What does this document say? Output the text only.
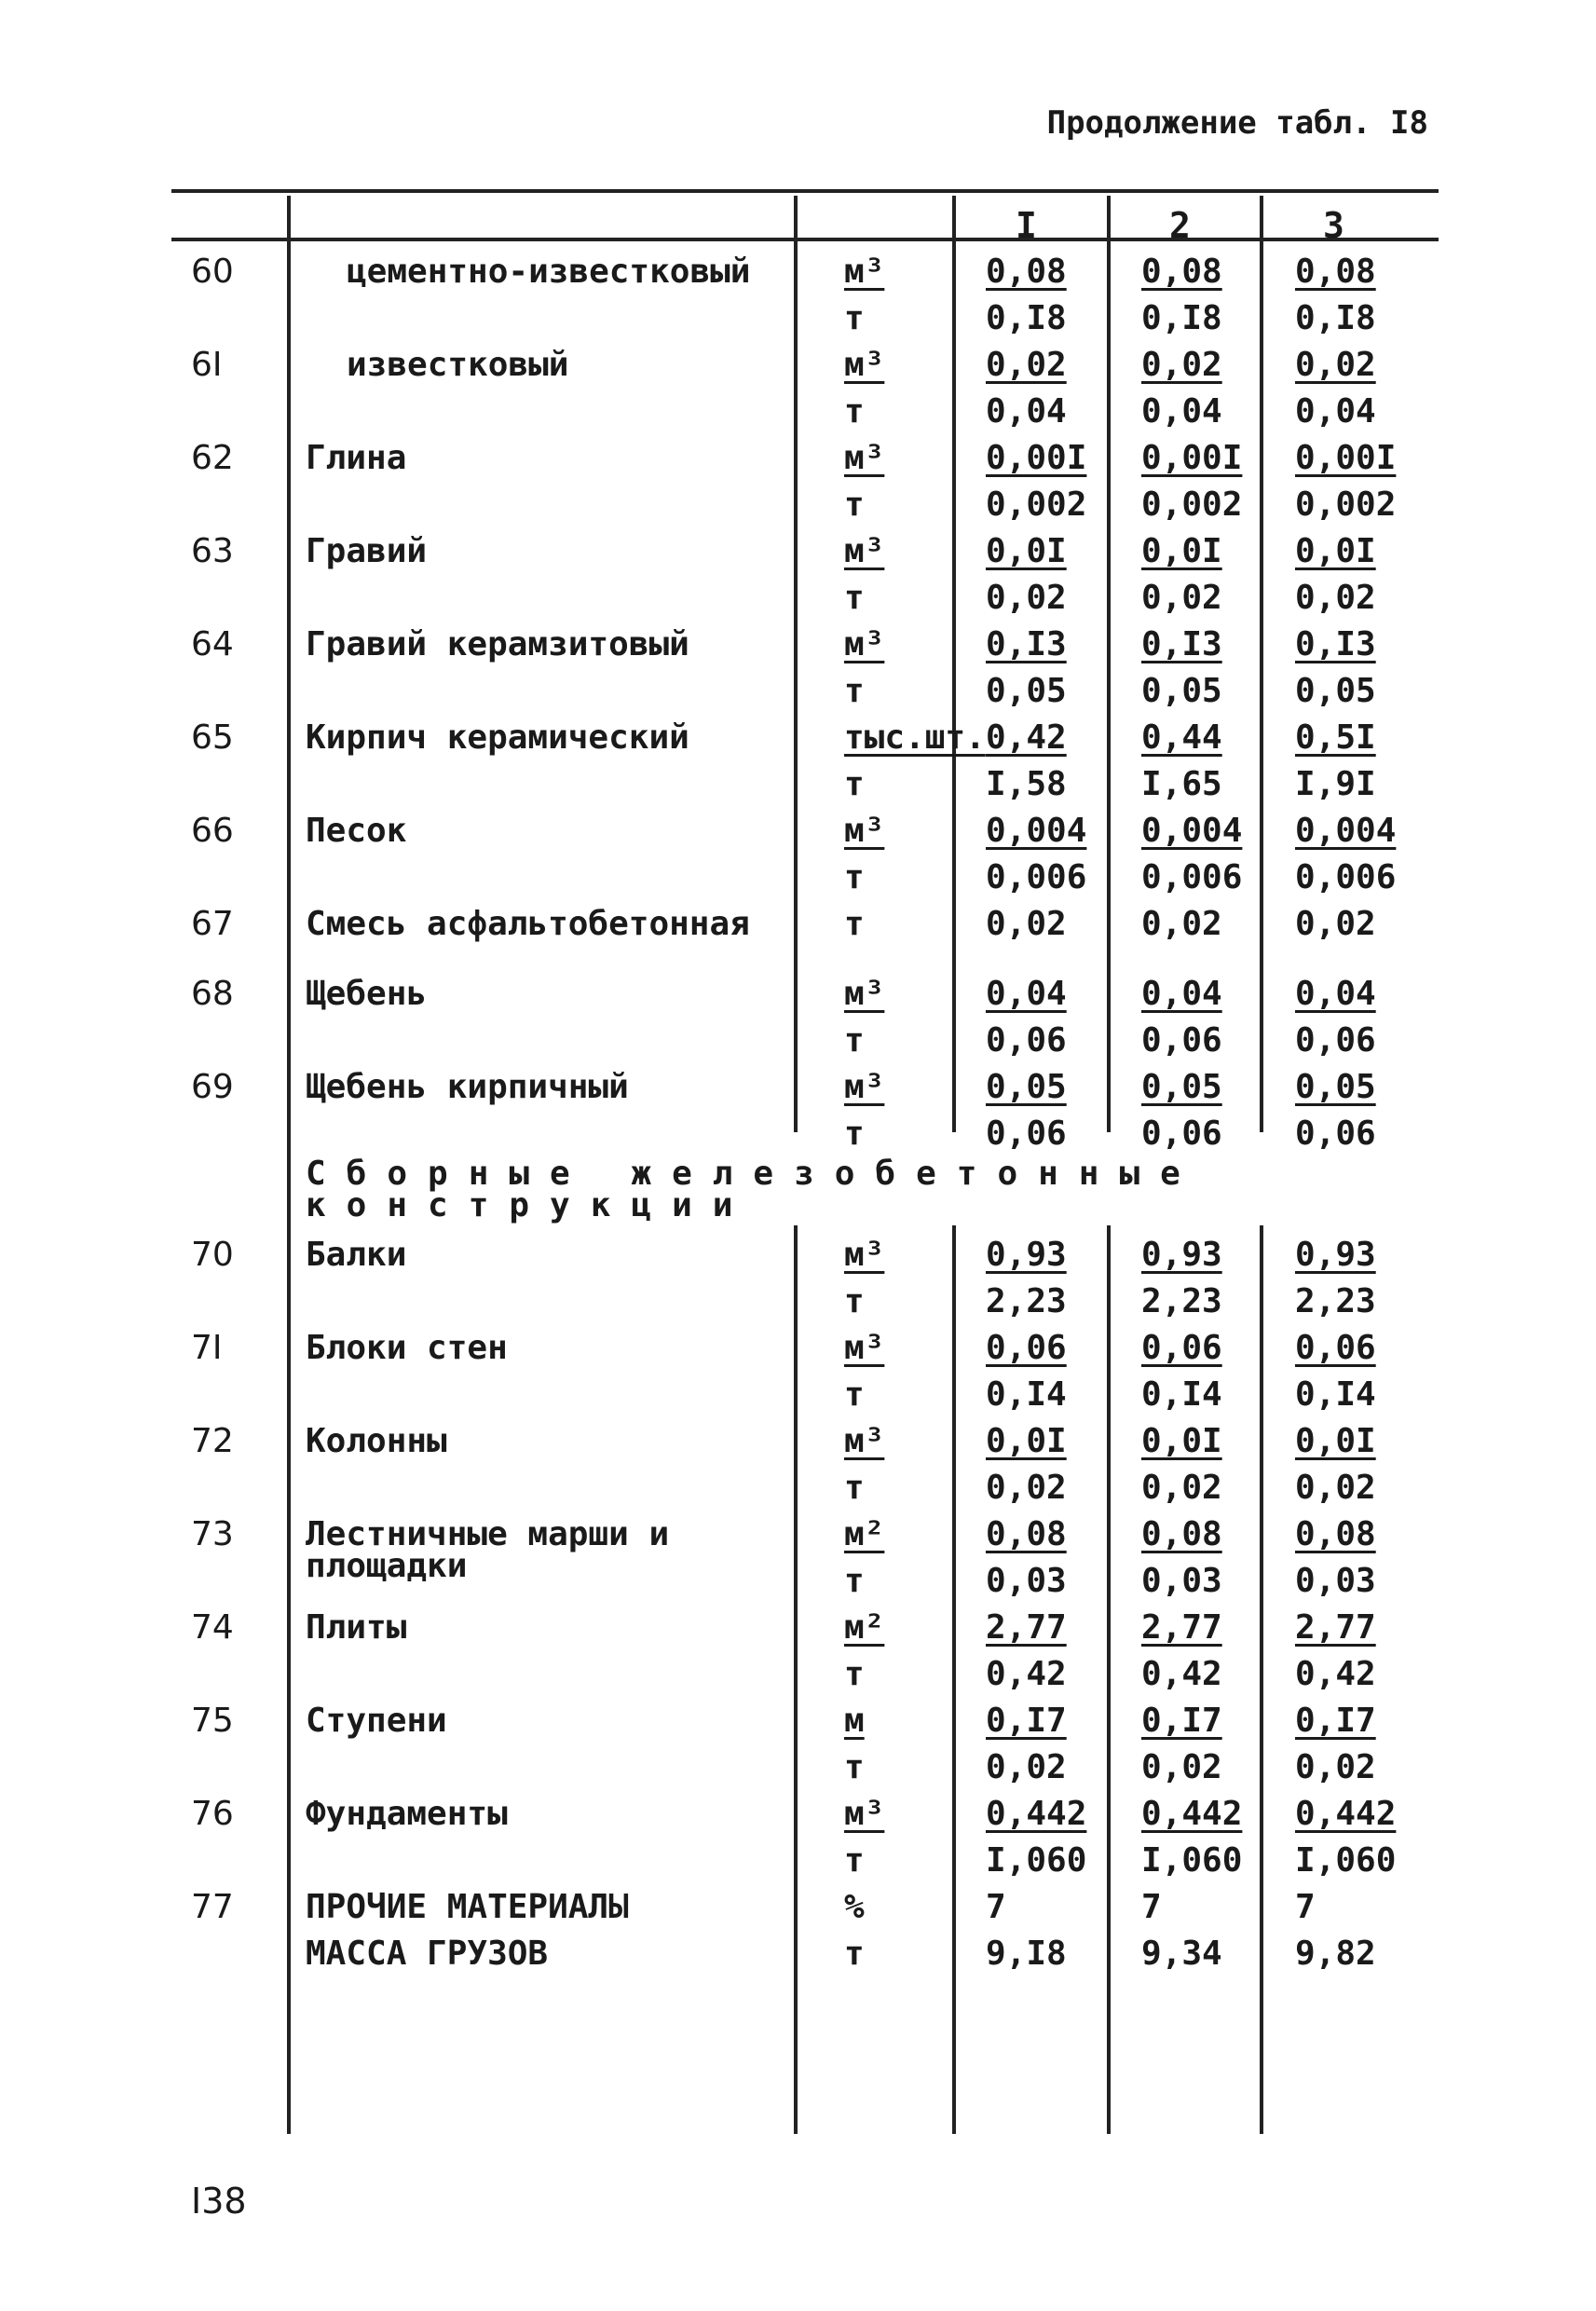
Продолжение табл. I8
I	2	3
60	цементно-известковый	м³	0,08 0,08 0,08
т	0,I8 0,I8 0,I8
6I	известковый	м³	0,02 0,02 0,02
т	0,04 0,04 0,04
62 Глина	м³	0,00I 0,00I 0,00I
т	0,002 0,002 0,002
63 Гравий	м³	0,0I 0,0I 0,0I
т	0,02 0,02 0,02
64 Гравий керамзитовый	м³	0,I3 0,I3 0,I3
т	0,05 0,05 0,05
65 Кирпич керамический	тыс.шт. 0,42 0,44 0,5I
т	I,58 I,65 I,9I
66 Песок	м³	0,004 0,004 0,004
т	0,006 0,006 0,006
67 Смесь асфальтобетонная	т	0,02 0,02 0,02
68 Щебень	м³	0,04 0,04 0,04
т	0,06 0,06 0,06
69 Щебень кирпичный	м³	0,05 0,05 0,05
т	0,06 0,06 0,06
70 Балки	м³	0,93 0,93 0,93
т	2,23 2,23 2,23
7I Блоки стен	м³	0,06 0,06 0,06
т	0,I4 0,I4 0,I4
72 Колонны	м³	0,0I 0,0I 0,0I
т	0,02 0,02 0,02
73 Лестничные марши и
площадки
м²	0,08 0,08 0,08
т	0,03 0,03 0,03
74 Плиты	м²	2,77 2,77 2,77
т	0,42 0,42 0,42
75 Ступени	м	0,I7 0,I7 0,I7
т	0,02 0,02 0,02
76 Фундаменты	м³	0,442 0,442 0,442
т	I,060 I,060 I,060
77 ПРОЧИЕ МАТЕРИАЛЫ	%	7	7	7
МАССА ГРУЗОВ	т	9,I8 9,34 9,82
Сборные железобетонные
конструкции
I38
